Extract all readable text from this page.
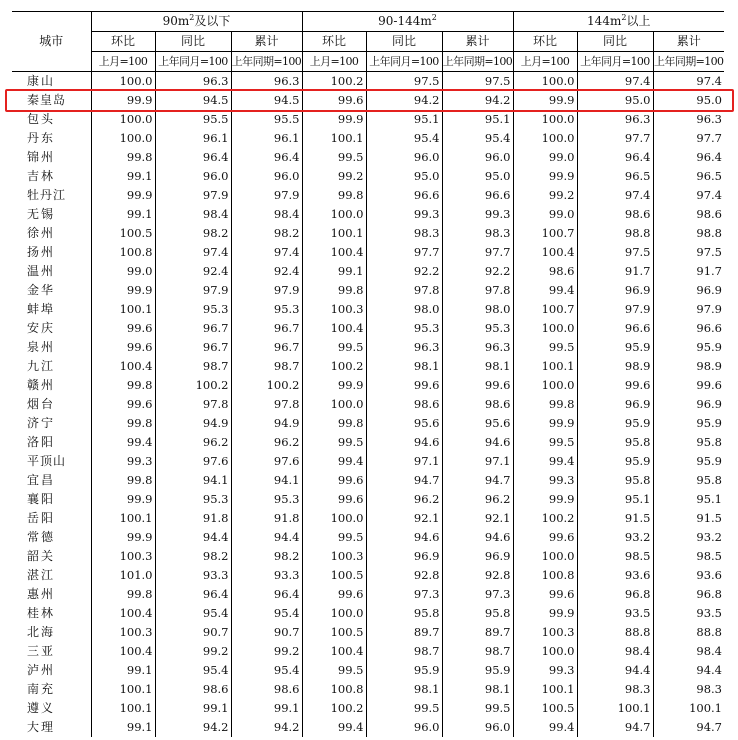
城市	$90m^2$及以下			$90-144m^2$			$144m^2$以上		
	环比	同比	累计	环比	同比	累计	环比	同比	累计
	上月=100	上年同月=100	上年同期=100	上月=100	上年同月=100	上年同期=100	上月=100	上年同月=100	上年同期=100
康山	100.0	96.3	96.3	100.2	97.5	97.5	100.0	97.4	97.4
秦皇岛	99.9	94.5	94.5	99.6	94.2	94.2	99.9	95.0	95.0
包头	100.0	95.5	95.5	99.9	95.1	95.1	100.0	96.3	96.3
丹东	100.0	96.1	96.1	100.1	95.4	95.4	100.0	97.7	97.7
锦州	99.8	96.4	96.4	99.5	96.0	96.0	99.0	96.4	96.4
吉林	99.1	96.0	96.0	99.2	95.0	95.0	99.9	96.5	96.5
牡丹江	99.9	97.9	97.9	99.8	96.6	96.6	99.2	97.4	97.4
无锡	99.1	98.4	98.4	100.0	99.3	99.3	99.0	98.6	98.6
徐州	100.5	98.2	98.2	100.1	98.3	98.3	100.7	98.8	98.8
扬州	100.8	97.4	97.4	100.4	97.7	97.7	100.4	97.5	97.5
温州	99.0	92.4	92.4	99.1	92.2	92.2	98.6	91.7	91.7
金华	99.9	97.9	97.9	99.8	97.8	97.8	99.4	96.9	96.9
蚌埠	100.1	95.3	95.3	100.3	98.0	98.0	100.7	97.9	97.9
安庆	99.6	96.7	96.7	100.4	95.3	95.3	100.0	96.6	96.6
泉州	99.6	96.7	96.7	99.5	96.3	96.3	99.5	95.9	95.9
九江	100.4	98.7	98.7	100.2	98.1	98.1	100.1	98.9	98.9
赣州	99.8	100.2	100.2	99.9	99.6	99.6	100.0	99.6	99.6
烟台	99.6	97.8	97.8	100.0	98.6	98.6	99.8	96.9	96.9
济宁	99.8	94.9	94.9	99.8	95.6	95.6	99.9	95.9	95.9
洛阳	99.4	96.2	96.2	99.5	94.6	94.6	99.5	95.8	95.8
平顶山	99.3	97.6	97.6	99.4	97.1	97.1	99.4	95.9	95.9
宜昌	99.8	94.1	94.1	99.6	94.7	94.7	99.3	95.8	95.8
襄阳	99.9	95.3	95.3	99.6	96.2	96.2	99.9	95.1	95.1
岳阳	100.1	91.8	91.8	100.0	92.1	92.1	100.2	91.5	91.5
常德	99.9	94.4	94.4	99.5	94.6	94.6	99.6	93.2	93.2
韶关	100.3	98.2	98.2	100.3	96.9	96.9	100.0	98.5	98.5
湛江	101.0	93.3	93.3	100.5	92.8	92.8	100.8	93.6	93.6
惠州	99.8	96.4	96.4	99.6	97.3	97.3	99.6	96.8	96.8
桂林	100.4	95.4	95.4	100.0	95.8	95.8	99.9	93.5	93.5
北海	100.3	90.7	90.7	100.5	89.7	89.7	100.3	88.8	88.8
三亚	100.4	99.2	99.2	100.4	98.7	98.7	100.0	98.4	98.4
泸州	99.1	95.4	95.4	99.5	95.9	95.9	99.3	94.4	94.4
南充	100.1	98.6	98.6	100.8	98.1	98.1	100.1	98.3	98.3
遵义	100.1	99.1	99.1	100.2	99.5	99.5	100.5	100.1	100.1
大理	99.1	94.2	94.2	99.4	96.0	96.0	99.4	94.7	94.7
